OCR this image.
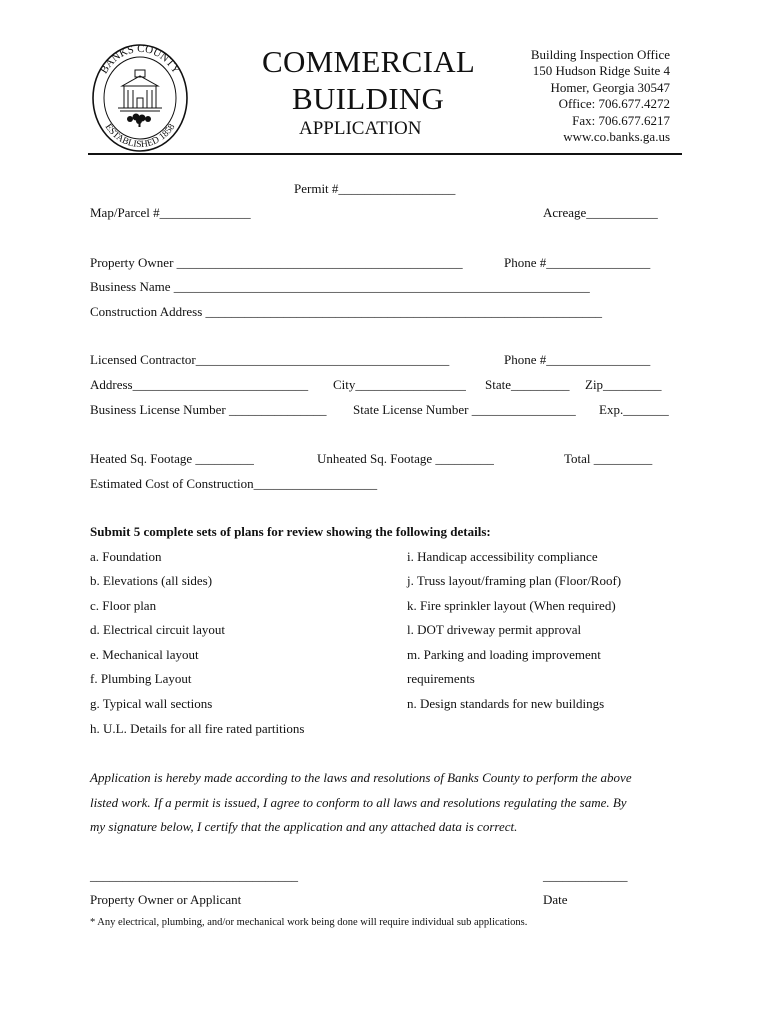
BANKS COUNTY
ESTABLISHED 1858
COMMERCIAL
BUILDING
APPLICATION
Building Inspection Office
150 Hudson Ridge Suite 4
Homer, Georgia 30547
Office: 706.677.4272
Fax: 706.677.6217
www.co.banks.ga.us
Permit #__________________
Map/Parcel #______________	Acreage___________
Property Owner ____________________________________________	Phone #________________
Business Name ________________________________________________________________
Construction Address _____________________________________________________________
Licensed Contractor_______________________________________	Phone #________________
Address___________________________ City_________________ State_________ Zip_________
Business License Number _______________ State License Number ________________ Exp._______
Heated Sq. Footage _________	Unheated Sq. Footage _________	Total _________
Estimated Cost of Construction___________________
Submit 5 complete sets of plans for review showing the following details:
a. Foundation
b. Elevations (all sides)
c. Floor plan
d. Electrical circuit layout
e. Mechanical layout
f. Plumbing Layout
g. Typical wall sections
h. U.L. Details for all fire rated partitions
i. Handicap accessibility compliance
j. Truss layout/framing plan (Floor/Roof)
k. Fire sprinkler layout (When required)
l. DOT driveway permit approval
m. Parking and loading improvement
requirements
n. Design standards for new buildings
Application is hereby made according to the laws and resolutions of Banks County to perform the above
listed work. If a permit is issued, I agree to conform to all laws and resolutions regulating the same. By
my signature below, I certify that the application and any attached data is correct.
________________________________	_____________
Property Owner or Applicant	Date
* Any electrical, plumbing, and/or mechanical work being done will require individual sub applications.
